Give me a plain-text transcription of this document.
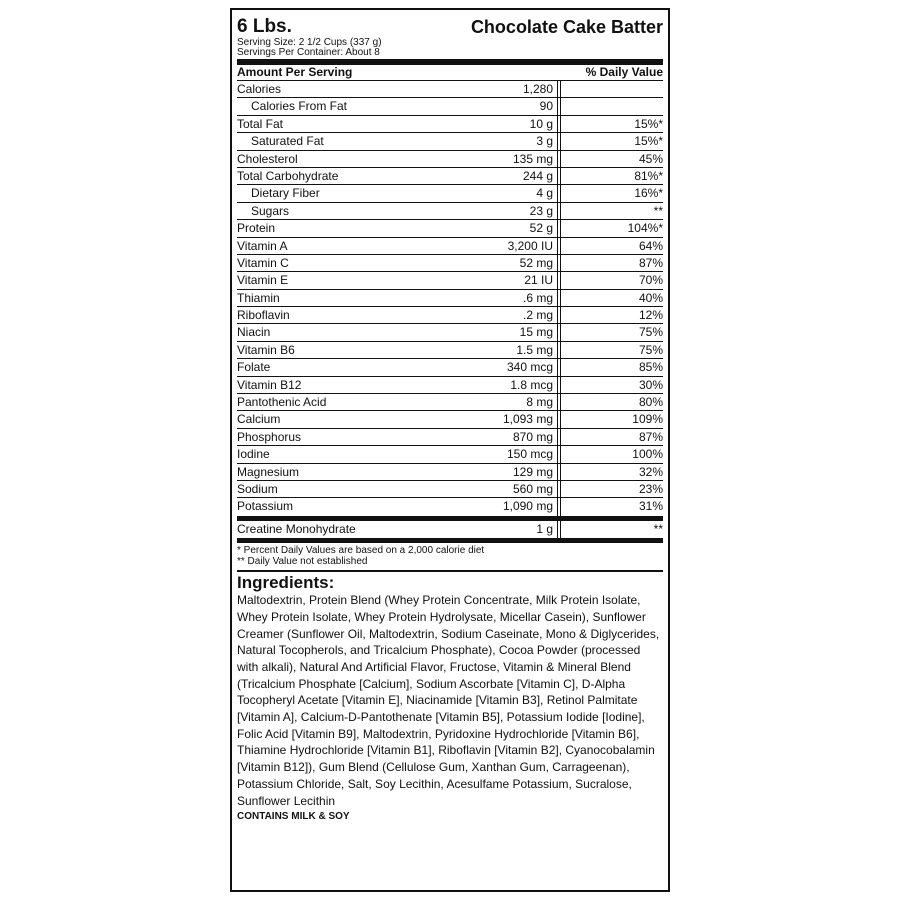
6 Lbs.	Chocolate Cake Batter
Serving Size: 2 1/2 Cups (337 g)
Servings Per Container: About 8
Amount Per Serving	% Daily Value
Calories	1,280
Calories From Fat	90
Total Fat	10 g	15%*
Saturated Fat	3 g	15%*
Cholesterol	135 mg	45%
Total Carbohydrate	244 g	81%*
Dietary Fiber	4 g	16%*
Sugars	23 g	**
Protein	52 g	104%*
Vitamin A	3,200 IU	64%
Vitamin C	52 mg	87%
Vitamin E	21 IU	70%
Thiamin	.6 mg	40%
Riboflavin	.2 mg	12%
Niacin	15 mg	75%
Vitamin B6	1.5 mg	75%
Folate	340 mcg	85%
Vitamin B12	1.8 mcg	30%
Pantothenic Acid	8 mg	80%
Calcium	1,093 mg	109%
Phosphorus	870 mg	87%
Iodine	150 mcg	100%
Magnesium	129 mg	32%
Sodium	560 mg	23%
Potassium	1,090 mg	31%
Creatine Monohydrate	1 g	**
* Percent Daily Values are based on a 2,000 calorie diet
** Daily Value not established
Ingredients:
Maltodextrin, Protein Blend (Whey Protein Concentrate, Milk Protein Isolate, Whey Protein Isolate, Whey Protein Hydrolysate, Micellar Casein), Sunflower Creamer (Sunflower Oil, Maltodextrin, Sodium Caseinate, Mono & Diglycerides, Natural Tocopherols, and Tricalcium Phosphate), Cocoa Powder (processed with alkali), Natural And Artificial Flavor, Fructose, Vitamin & Mineral Blend (Tricalcium Phosphate [Calcium], Sodium Ascorbate [Vitamin C], D-Alpha Tocopheryl Acetate [Vitamin E], Niacinamide [Vitamin B3], Retinol Palmitate [Vitamin A], Calcium-D-Pantothenate [Vitamin B5], Potassium Iodide [Iodine], Folic Acid [Vitamin B9], Maltodextrin, Pyridoxine Hydrochloride [Vitamin B6], Thiamine Hydrochloride [Vitamin B1], Riboflavin [Vitamin B2], Cyanocobalamin [Vitamin B12]), Gum Blend (Cellulose Gum, Xanthan Gum, Carrageenan), Potassium Chloride, Salt, Soy Lecithin, Acesulfame Potassium, Sucralose, Sunflower Lecithin
CONTAINS MILK & SOY
